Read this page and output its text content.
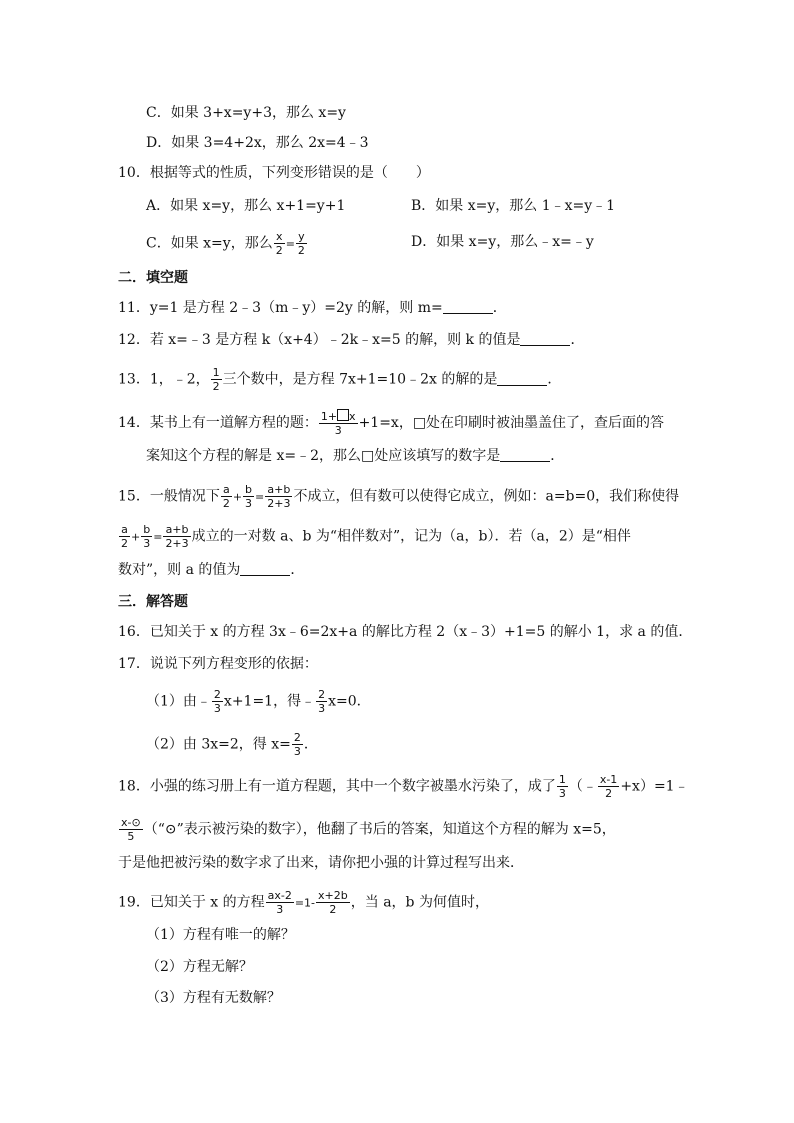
C．如果 3+x=y+3，那么 x=y
D．如果 3=4+2x，那么 2x=4﹣3
10．根据等式的性质，下列变形错误的是（　　）
A．如果 x=y，那么 x+1=y+1	B．如果 x=y，那么 1﹣x=y﹣1
C．如果 x=y，那么 $\frac{x}{2} = \frac{y}{2}$	D．如果 x=y，那么﹣x=﹣y
二．填空题
11．y=1 是方程 2﹣3（m﹣y）=2y 的解，则 m=	．
12．若 x=﹣3 是方程 k（x+4）﹣2k﹣x=5 的解，则 k 的值是	．
13．1，﹣2， $\frac{1}{2}$ 三个数中，是方程 7x+1=10﹣2x 的解的是	．
14．某书上有一道解方程的题： $\frac{1+ x}{3} +1=x$，□处在印刷时被油墨盖住了，查后面的答
案知这个方程的解是 x=﹣2，那么□处应该填写的数字是	．
15．一般情况下 $\frac{a}{2} + \frac{b}{3} = \frac{a+b}{2+3}$ 不成立，但有数可以使得它成立，例如：a=b=0，我们称使得
$\frac{a}{2} + \frac{b}{3} = \frac{a+b}{2+3}$ 成立的一对数 a、b 为“相伴数对”，记为（a，b）．若（a，2）是“相伴
数对”，则 a 的值为	．
三．解答题
16．已知关于 x 的方程 3x﹣6=2x+a 的解比方程 2（x﹣3）+1=5 的解小 1，求 a 的值．
17．说说下列方程变形的依据：
（1）由﹣ $\frac{2}{3} x+1=1$，得﹣ $\frac{2}{3} x=0$．
（2）由 3x=2，得 $x= \frac{2}{3}$ ．
18．小强的练习册上有一道方程题，其中一个数字被墨水污染了，成了 $\frac{1}{3}$ （﹣ $\frac{x-1}{2}$ +x）=1﹣
$\frac{x-⊙}{5}$ （“⊙”表示被污染的数字），他翻了书后的答案，知道这个方程的解为 x=5，
于是他把被污染的数字求了出来，请你把小强的计算过程写出来．
19．已知关于 x 的方程 $\frac{ax-2}{3} =1- \frac{x+2b}{2}$ ，当 a，b 为何值时，
（1）方程有唯一的解？
（2）方程无解？
（3）方程有无数解？
